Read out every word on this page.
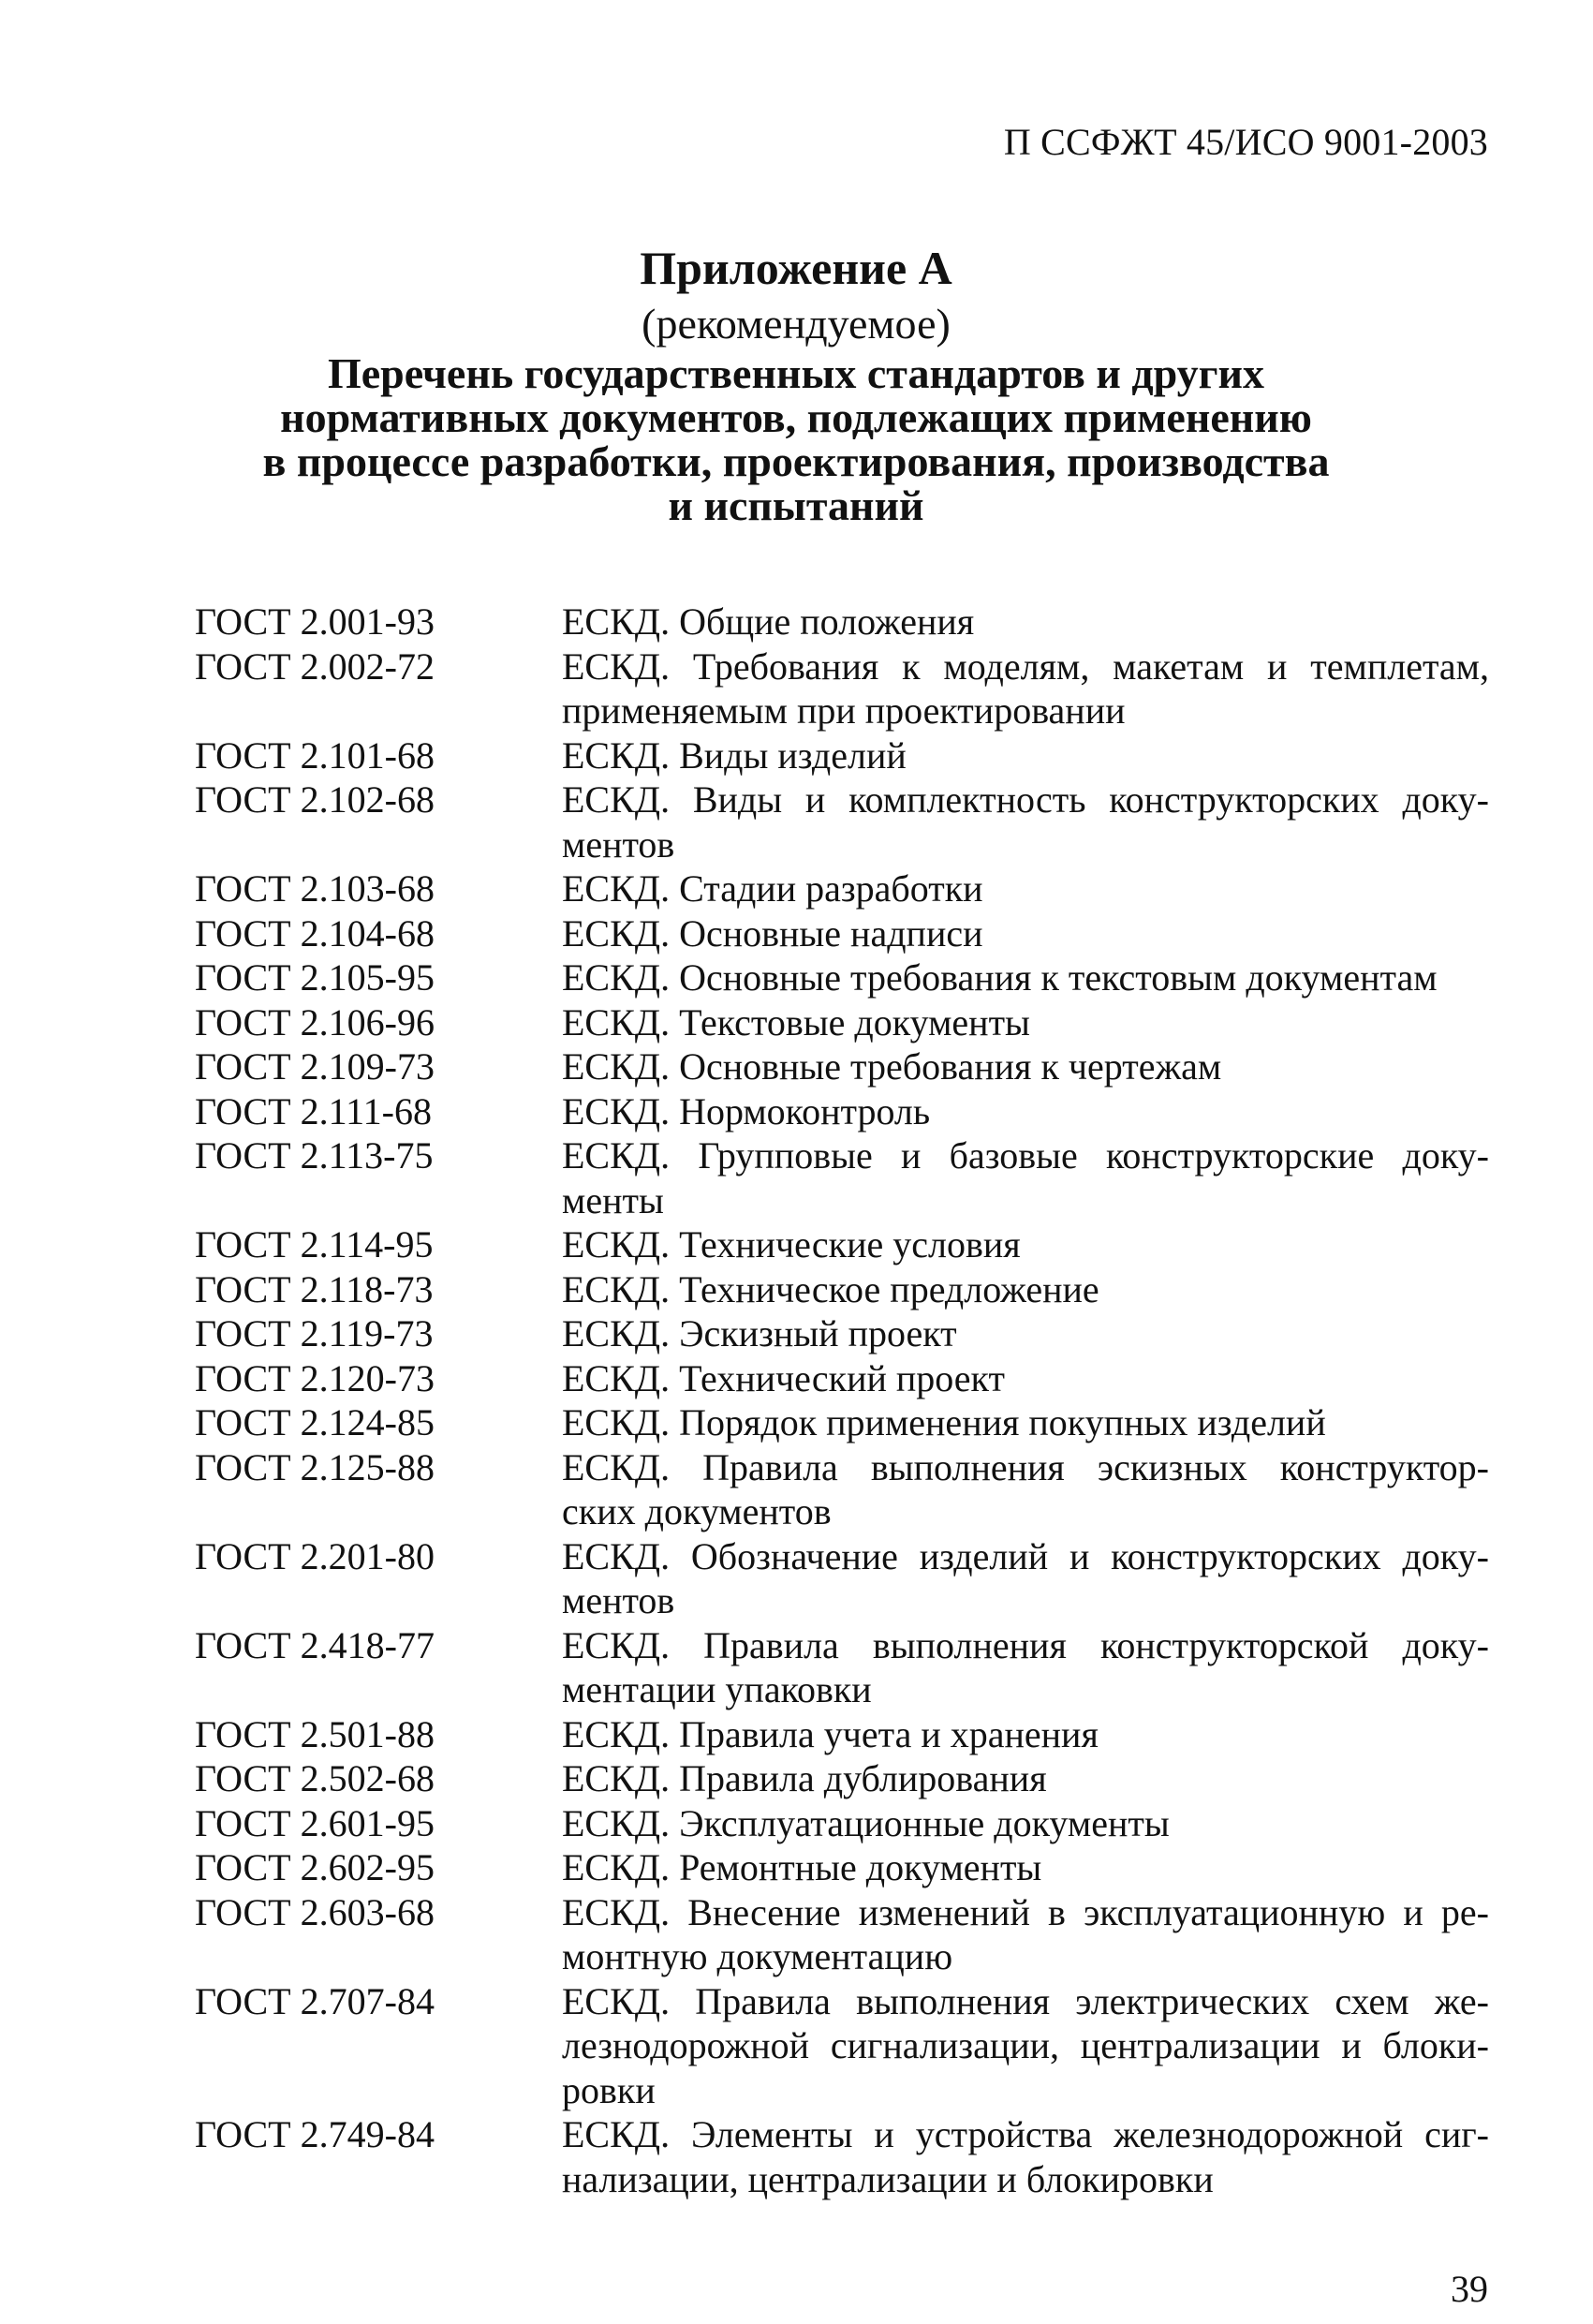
П ССФЖТ 45/ИСО 9001-2003
Приложение А
(рекомендуемое)
Перечень государственных стандартов и других
нормативных документов, подлежащих применению
в процессе разработки, проектирования, производства
и испытаний
ГОСТ 2.001-93	ЕСКД. Общие положения
ГОСТ 2.002-72	ЕСКД. Требования к моделям, макетам и темплетам,
применяемым при проектировании
ГОСТ 2.101-68	ЕСКД. Виды изделий
ГОСТ 2.102-68	ЕСКД. Виды и комплектность конструкторских доку-
ментов
ГОСТ 2.103-68	ЕСКД. Стадии разработки
ГОСТ 2.104-68	ЕСКД. Основные надписи
ГОСТ 2.105-95	ЕСКД. Основные требования к текстовым документам
ГОСТ 2.106-96	ЕСКД. Текстовые документы
ГОСТ 2.109-73	ЕСКД. Основные требования к чертежам
ГОСТ 2.111-68	ЕСКД. Нормоконтроль
ГОСТ 2.113-75	ЕСКД. Групповые и базовые конструкторские доку-
менты
ГОСТ 2.114-95	ЕСКД. Технические условия
ГОСТ 2.118-73	ЕСКД. Техническое предложение
ГОСТ 2.119-73	ЕСКД. Эскизный проект
ГОСТ 2.120-73	ЕСКД. Технический проект
ГОСТ 2.124-85	ЕСКД. Порядок применения покупных изделий
ГОСТ 2.125-88	ЕСКД. Правила выполнения эскизных конструктор-
ских документов
ГОСТ 2.201-80	ЕСКД. Обозначение изделий и конструкторских доку-
ментов
ГОСТ 2.418-77	ЕСКД. Правила выполнения конструкторской доку-
ментации упаковки
ГОСТ 2.501-88	ЕСКД. Правила учета и хранения
ГОСТ 2.502-68	ЕСКД. Правила дублирования
ГОСТ 2.601-95	ЕСКД. Эксплуатационные документы
ГОСТ 2.602-95	ЕСКД. Ремонтные документы
ГОСТ 2.603-68	ЕСКД. Внесение изменений в эксплуатационную и ре-
монтную документацию
ГОСТ 2.707-84	ЕСКД. Правила выполнения электрических схем же-
лезнодорожной сигнализации, централизации и блоки-
ровки
ГОСТ 2.749-84	ЕСКД. Элементы и устройства железнодорожной сиг-
нализации, централизации и блокировки
39
